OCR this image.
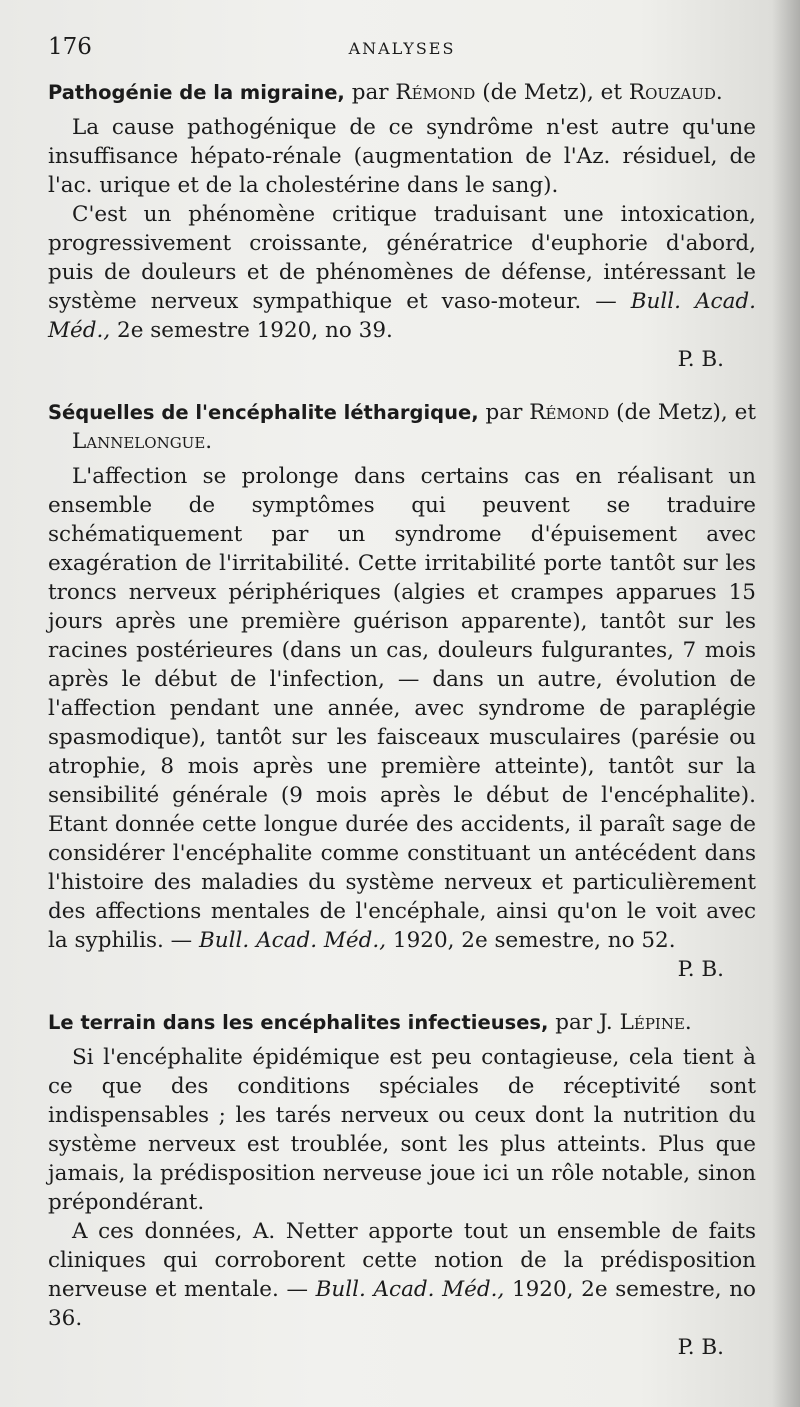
176	ANALYSES
Pathogénie de la migraine, par Rémond (de Metz), et Rouzaud.

La cause pathogénique de ce syndrôme n'est autre qu'une insuffisance hépato-rénale (augmentation de l'Az. résiduel, de l'ac. urique et de la cholestérine dans le sang).

C'est un phénomène critique traduisant une intoxication, progressivement croissante, génératrice d'euphorie d'abord, puis de douleurs et de phénomènes de défense, intéressant le système nerveux sympathique et vaso-moteur. — Bull. Acad. Méd., 2e semestre 1920, no 39.

P. B.

Séquelles de l'encéphalite léthargique, par Rémond (de Metz), et Lannelongue.

L'affection se prolonge dans certains cas en réalisant un ensemble de symptômes qui peuvent se traduire schématiquement par un syndrome d'épuisement avec exagération de l'irritabilité. Cette irritabilité porte tantôt sur les troncs nerveux périphériques (algies et crampes apparues 15 jours après une première guérison apparente), tantôt sur les racines postérieures (dans un cas, douleurs fulgurantes, 7 mois après le début de l'infection, — dans un autre, évolution de l'affection pendant une année, avec syndrome de paraplégie spasmodique), tantôt sur les faisceaux musculaires (parésie ou atrophie, 8 mois après une première atteinte), tantôt sur la sensibilité générale (9 mois après le début de l'encéphalite). Etant donnée cette longue durée des accidents, il paraît sage de considérer l'encéphalite comme constituant un antécédent dans l'histoire des maladies du système nerveux et particulièrement des affections mentales de l'encéphale, ainsi qu'on le voit avec la syphilis. — Bull. Acad. Méd., 1920, 2e semestre, no 52.

P. B.

Le terrain dans les encéphalites infectieuses, par J. Lépine.

Si l'encéphalite épidémique est peu contagieuse, cela tient à ce que des conditions spéciales de réceptivité sont indispensables ; les tarés nerveux ou ceux dont la nutrition du système nerveux est troublée, sont les plus atteints. Plus que jamais, la prédisposition nerveuse joue ici un rôle notable, sinon prépondérant.

A ces données, A. Netter apporte tout un ensemble de faits cliniques qui corroborent cette notion de la prédisposition nerveuse et mentale. — Bull. Acad. Méd., 1920, 2e semestre, no 36.

P. B.
